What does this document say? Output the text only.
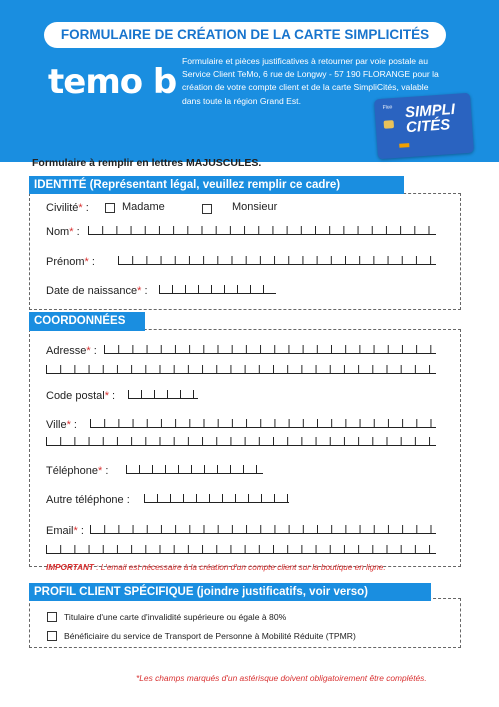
FORMULAIRE DE CRÉATION DE LA CARTE SIMPLICITÉS
temo b
Formulaire et pièces justificatives à retourner par voie postale au Service Client TeMo, 6 rue de Longwy - 57 190 FLORANGE pour la création de votre compte client et de la carte SimpliCités, valable dans toute la région Grand Est.
Fluo SIMPLI CITÉS
Formulaire à remplir en lettres MAJUSCULES.
IDENTITÉ (Représentant légal, veuillez remplir ce cadre)
Civilité* :	Madame	Monsieur
Nom* :
Prénom* :
Date de naissance* :
COORDONNÉES
Adresse* :
Code postal* :
Ville* :
Téléphone* :
Autre téléphone :
Email* :
IMPORTANT : L'email est nécessaire à la création d'un compte client sur la boutique en ligne.
PROFIL CLIENT SPÉCIFIQUE (joindre justificatifs, voir verso)
Titulaire d'une carte d'invalidité supérieure ou égale à 80%
Bénéficiaire du service de Transport de Personne à Mobilité Réduite (TPMR)
*Les champs marqués d'un astérisque doivent obligatoirement être complétés.
